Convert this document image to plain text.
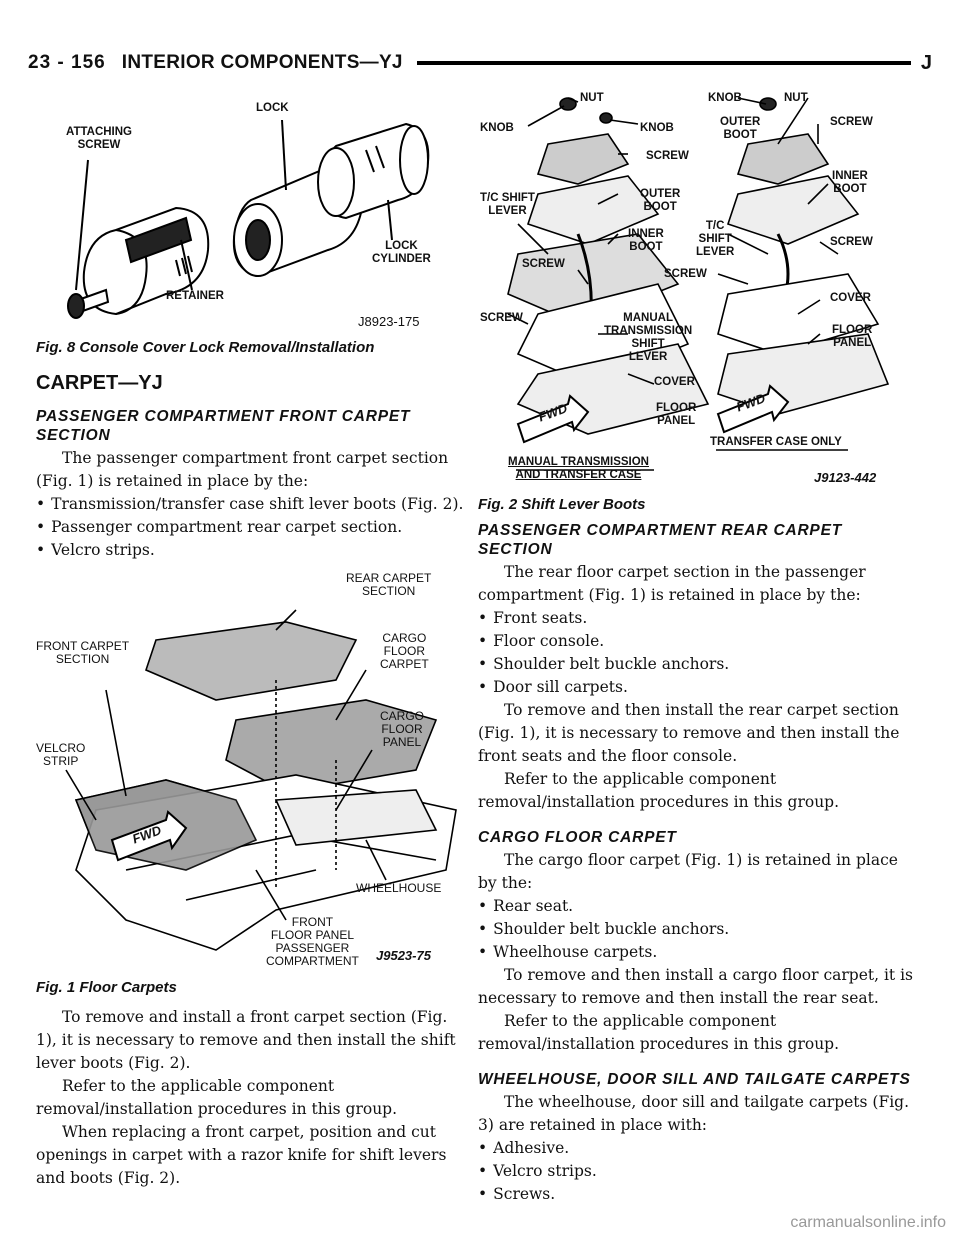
23 - 156 INTERIOR COMPONENTS—YJ	J
LOCK
ATTACHING
SCREW
LOCK
CYLINDER
RETAINER
J8923-175
Fig. 8 Console Cover Lock Removal/Installation
CARPET—YJ
PASSENGER COMPARTMENT FRONT CARPET SECTION

The passenger compartment front carpet section (Fig. 1) is retained in place by the:

• Transmission/transfer case shift lever boots (Fig. 2).
• Passenger compartment rear carpet section.
• Velcro strips.
REAR CARPET
SECTION
FRONT CARPET
SECTION
CARGO
FLOOR
CARPET
CARGO
FLOOR
PANEL
VELCRO
STRIP
FWD
WHEELHOUSE
FRONT
FLOOR PANEL
PASSENGER
COMPARTMENT J9523-75
Fig. 1 Floor Carpets

To remove and install a front carpet section (Fig. 1), it is necessary to remove and then install the shift lever boots (Fig. 2).

Refer to the applicable component removal/installation procedures in this group.

When replacing a front carpet, position and cut openings in carpet with a razor knife for shift levers and boots (Fig. 2).

NUT
KNOB	KNOB
SCREW
T/C SHIFT
LEVER
OUTER
BOOT
INNER
BOOT
SCREW
SCREW	MANUAL
TRANSMISSION
SHIFT
LEVER
COVER
FLOOR
PANEL
FWD
KNOB	NUT
OUTER
BOOT
SCREW
INNER
BOOT
T/C
SHIFT
LEVER
SCREW
SCREW
COVER
FLOOR
PANEL
FWD
MANUAL TRANSMISSION
AND TRANSFER CASE
TRANSFER CASE ONLY
J9123-442
Fig. 2 Shift Lever Boots
PASSENGER COMPARTMENT REAR CARPET SECTION

The rear floor carpet section in the passenger compartment (Fig. 1) is retained in place by the:

• Front seats.
• Floor console.
• Shoulder belt buckle anchors.
• Door sill carpets.

To remove and then install the rear carpet section (Fig. 1), it is necessary to remove and then install the front seats and the floor console.

Refer to the applicable component removal/installation procedures in this group.

CARGO FLOOR CARPET

The cargo floor carpet (Fig. 1) is retained in place by the:

• Rear seat.
• Shoulder belt buckle anchors.
• Wheelhouse carpets.

To remove and then install a cargo floor carpet, it is necessary to remove and then install the rear seat.

Refer to the applicable component removal/installation procedures in this group.

WHEELHOUSE, DOOR SILL AND TAILGATE CARPETS

The wheelhouse, door sill and tailgate carpets (Fig. 3) are retained in place with:

• Adhesive.
• Velcro strips.
• Screws.
carmanualsonline.info
